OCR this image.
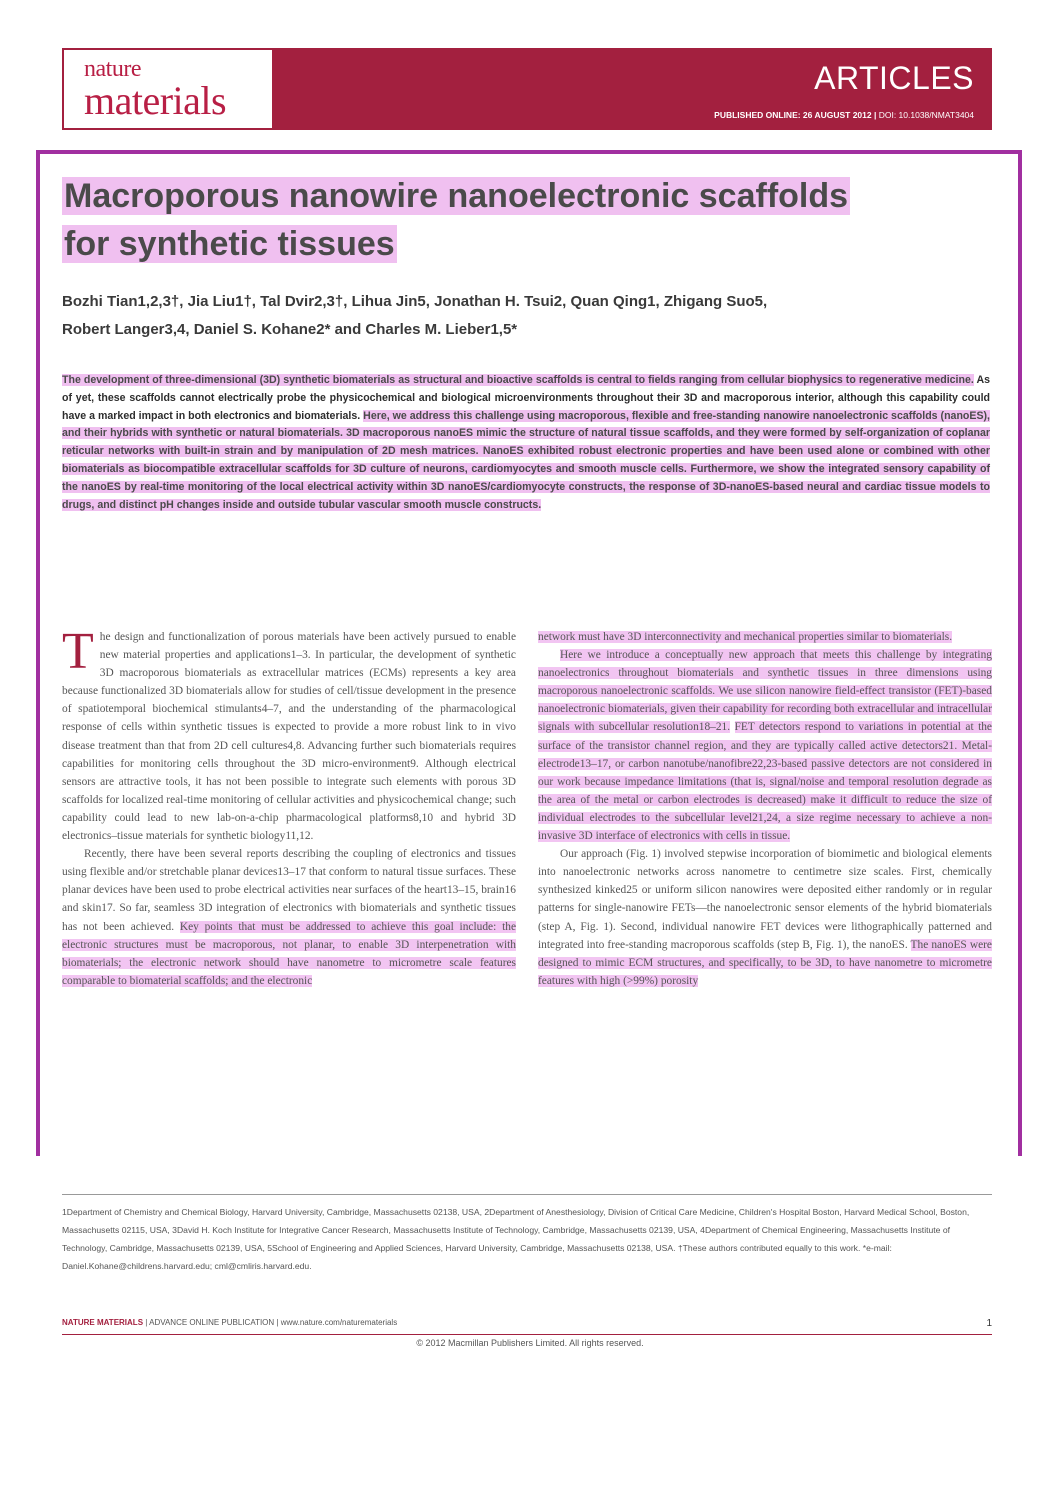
nature
materials	ARTICLES
PUBLISHED ONLINE: 26 AUGUST 2012 | DOI: 10.1038/NMAT3404
Macroporous nanowire nanoelectronic scaffolds
for synthetic tissues
Bozhi Tian1,2,3†, Jia Liu1†, Tal Dvir2,3†, Lihua Jin5, Jonathan H. Tsui2, Quan Qing1, Zhigang Suo5,
Robert Langer3,4, Daniel S. Kohane2* and Charles M. Lieber1,5*
The development of three-dimensional (3D) synthetic biomaterials as structural and bioactive scaffolds is central to fields ranging from cellular biophysics to regenerative medicine. As of yet, these scaffolds cannot electrically probe the physicochemical and biological microenvironments throughout their 3D and macroporous interior, although this capability could have a marked impact in both electronics and biomaterials. Here, we address this challenge using macroporous, flexible and free-standing nanowire nanoelectronic scaffolds (nanoES), and their hybrids with synthetic or natural biomaterials. 3D macroporous nanoES mimic the structure of natural tissue scaffolds, and they were formed by self-organization of coplanar reticular networks with built-in strain and by manipulation of 2D mesh matrices. NanoES exhibited robust electronic properties and have been used alone or combined with other biomaterials as biocompatible extracellular scaffolds for 3D culture of neurons, cardiomyocytes and smooth muscle cells. Furthermore, we show the integrated sensory capability of the nanoES by real-time monitoring of the local electrical activity within 3D nanoES/cardiomyocyte constructs, the response of 3D-nanoES-based neural and cardiac tissue models to drugs, and distinct pH changes inside and outside tubular vascular smooth muscle constructs.

The design and functionalization of porous materials have been actively pursued to enable new material properties and applications1–3. In particular, the development of synthetic 3D macroporous biomaterials as extracellular matrices (ECMs) represents a key area because functionalized 3D biomaterials allow for studies of cell/tissue development in the presence of spatiotemporal biochemical stimulants4–7, and the understanding of the pharmacological response of cells within synthetic tissues is expected to provide a more robust link to in vivo disease treatment than that from 2D cell cultures4,8. Advancing further such biomaterials requires capabilities for monitoring cells throughout the 3D micro-environment9. Although electrical sensors are attractive tools, it has not been possible to integrate such elements with porous 3D scaffolds for localized real-time monitoring of cellular activities and physicochemical change; such capability could lead to new lab-on-a-chip pharmacological platforms8,10 and hybrid 3D electronics–tissue materials for synthetic biology11,12.

Recently, there have been several reports describing the coupling of electronics and tissues using flexible and/or stretchable planar devices13–17 that conform to natural tissue surfaces. These planar devices have been used to probe electrical activities near surfaces of the heart13–15, brain16 and skin17. So far, seamless 3D integration of electronics with biomaterials and synthetic tissues has not been achieved. Key points that must be addressed to achieve this goal include: the electronic structures must be macroporous, not planar, to enable 3D interpenetration with biomaterials; the electronic network should have nanometre to micrometre scale features comparable to biomaterial scaffolds; and the electronic

network must have 3D interconnectivity and mechanical properties similar to biomaterials.

Here we introduce a conceptually new approach that meets this challenge by integrating nanoelectronics throughout biomaterials and synthetic tissues in three dimensions using macroporous nanoelectronic scaffolds. We use silicon nanowire field-effect transistor (FET)-based nanoelectronic biomaterials, given their capability for recording both extracellular and intracellular signals with subcellular resolution18–21. FET detectors respond to variations in potential at the surface of the transistor channel region, and they are typically called active detectors21. Metal-electrode13–17, or carbon nanotube/nanofibre22,23-based passive detectors are not considered in our work because impedance limitations (that is, signal/noise and temporal resolution degrade as the area of the metal or carbon electrodes is decreased) make it difficult to reduce the size of individual electrodes to the subcellular level21,24, a size regime necessary to achieve a non-invasive 3D interface of electronics with cells in tissue.

Our approach (Fig. 1) involved stepwise incorporation of biomimetic and biological elements into nanoelectronic networks across nanometre to centimetre size scales. First, chemically synthesized kinked25 or uniform silicon nanowires were deposited either randomly or in regular patterns for single-nanowire FETs—the nanoelectronic sensor elements of the hybrid biomaterials (step A, Fig. 1). Second, individual nanowire FET devices were lithographically patterned and integrated into free-standing macroporous scaffolds (step B, Fig. 1), the nanoES. The nanoES were designed to mimic ECM structures, and specifically, to be 3D, to have nanometre to micrometre features with high (>99%) porosity

1Department of Chemistry and Chemical Biology, Harvard University, Cambridge, Massachusetts 02138, USA, 2Department of Anesthesiology, Division of Critical Care Medicine, Children's Hospital Boston, Harvard Medical School, Boston, Massachusetts 02115, USA, 3David H. Koch Institute for Integrative Cancer Research, Massachusetts Institute of Technology, Cambridge, Massachusetts 02139, USA, 4Department of Chemical Engineering, Massachusetts Institute of Technology, Cambridge, Massachusetts 02139, USA, 5School of Engineering and Applied Sciences, Harvard University, Cambridge, Massachusetts 02138, USA. †These authors contributed equally to this work. *e-mail: Daniel.Kohane@childrens.harvard.edu; cml@cmliris.harvard.edu.
NATURE MATERIALS | ADVANCE ONLINE PUBLICATION | www.nature.com/naturematerials	1
© 2012 Macmillan Publishers Limited. All rights reserved.
